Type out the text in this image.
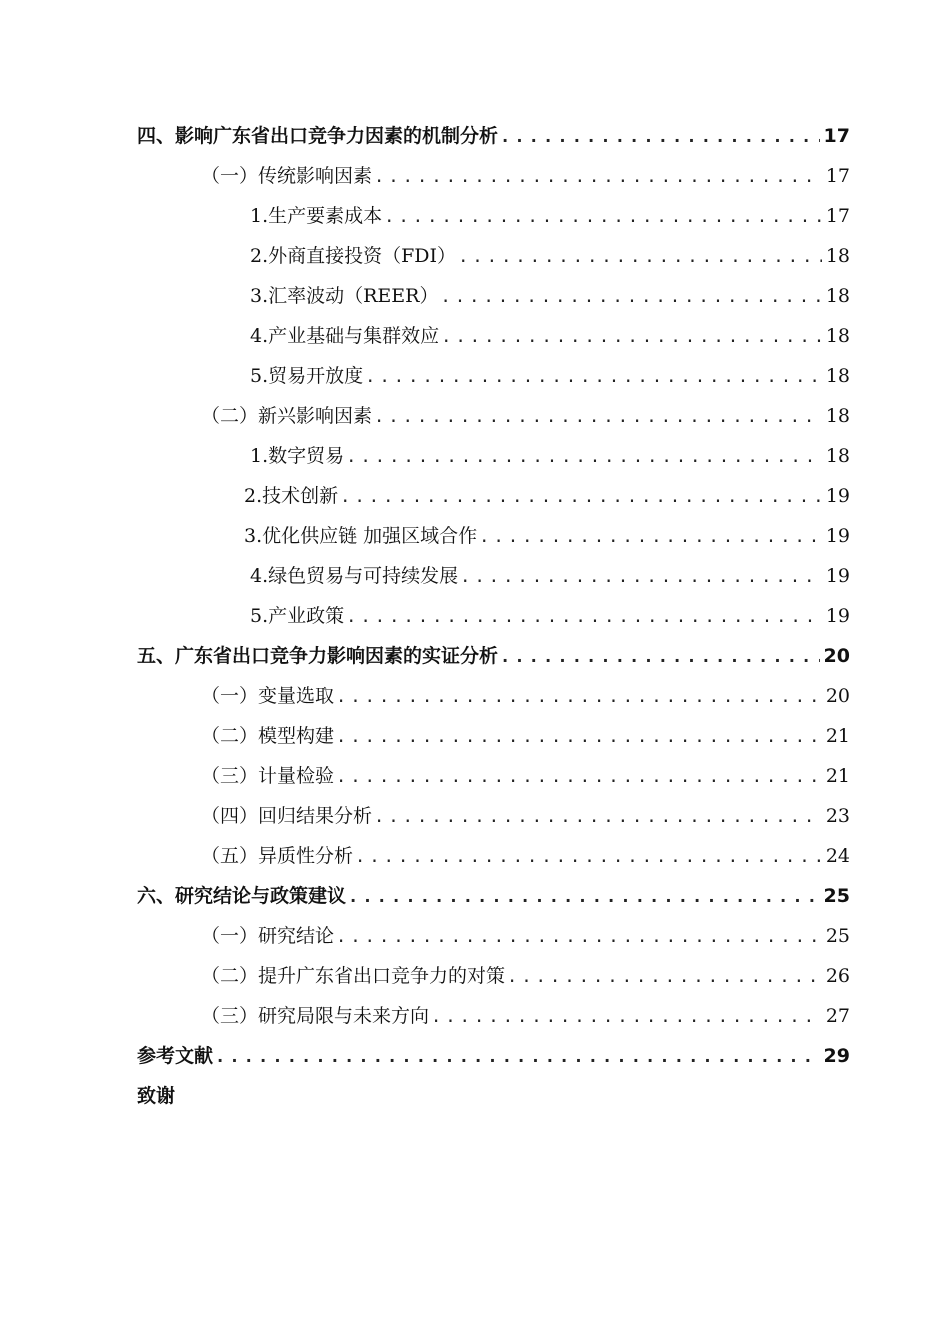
四、影响广东省出口竞争力因素的机制分析 .....	17
（一）传统影响因素 .....	17
1.生产要素成本 .....	17
2.外商直接投资（FDI） .....	18
3.汇率波动（REER） .....	18
4.产业基础与集群效应 .....	18
5.贸易开放度 .....	18
（二）新兴影响因素 .....	18
1.数字贸易 .....	18
2.技术创新 .....	19
3.优化供应链 加强区域合作 .....	19
4.绿色贸易与可持续发展 .....	19
5.产业政策 .....	19
五、广东省出口竞争力影响因素的实证分析 .....	20
（一）变量选取 .....	20
（二）模型构建 .....	21
（三）计量检验 .....	21
（四）回归结果分析 .....	23
（五）异质性分析 .....	24
六、研究结论与政策建议 .....	25
（一）研究结论 .....	25
（二）提升广东省出口竞争力的对策 .....	26
（三）研究局限与未来方向 .....	27
参考文献 .....	29
致谢
